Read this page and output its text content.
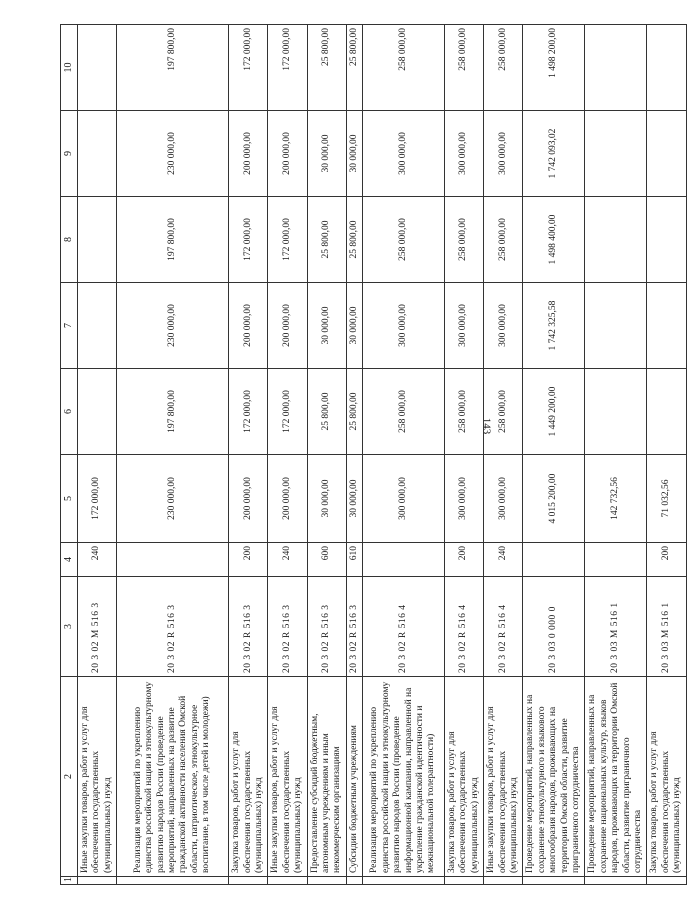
143
1	2	3	4	5	6	7	8	9	10
	Иные закупки товаров, работ и услуг для обеспечения государственных (муниципальных) нужд	20 3 02 M 516 3	240	172 000,00					
	Реализация мероприятий по укреплению единства российской нации и этнокультурному развитию народов России (проведение мероприятий, направленных на развитие гражданской активности населения Омской области, патриотическое, этнокультурное воспитание, в том числе детей и молодежи)	20 3 02 R 516 3		230 000,00	197 800,00	230 000,00	197 800,00	230 000,00	197 800,00
	Закупка товаров, работ и услуг для обеспечения государственных (муниципальных) нужд	20 3 02 R 516 3	200	200 000,00	172 000,00	200 000,00	172 000,00	200 000,00	172 000,00
	Иные закупки товаров, работ и услуг для обеспечения государственных (муниципальных) нужд	20 3 02 R 516 3	240	200 000,00	172 000,00	200 000,00	172 000,00	200 000,00	172 000,00
	Предоставление субсидий бюджетным, автономным учреждениям и иным некоммерческим организациям	20 3 02 R 516 3	600	30 000,00	25 800,00	30 000,00	25 800,00	30 000,00	25 800,00
	Субсидии бюджетным учреждениям	20 3 02 R 516 3	610	30 000,00	25 800,00	30 000,00	25 800,00	30 000,00	25 800,00
	Реализация мероприятий по укреплению единства российской нации и этнокультурному развитию народов России (проведение информационной кампании, направленной на укрепление гражданской идентичности и межнациональной толерантности)	20 3 02 R 516 4		300 000,00	258 000,00	300 000,00	258 000,00	300 000,00	258 000,00
	Закупка товаров, работ и услуг для обеспечения государственных (муниципальных) нужд	20 3 02 R 516 4	200	300 000,00	258 000,00	300 000,00	258 000,00	300 000,00	258 000,00
	Иные закупки товаров, работ и услуг для обеспечения государственных (муниципальных) нужд	20 3 02 R 516 4	240	300 000,00	258 000,00	300 000,00	258 000,00	300 000,00	258 000,00
	Проведение мероприятий, направленных на сохранение этнокультурного и языкового многообразия народов, проживающих на территории Омской области, развитие приграничного сотрудничества	20 3 03 0 000 0		4 015 200,00	1 449 200,00	1 742 325,58	1 498 400,00	1 742 093,02	1 498 200,00
	Проведение мероприятий, направленных на сохранение национальных культур, языков народов, проживающих на территории Омской области, развитие приграничного сотрудничества	20 3 03 M 516 1		142 732,56					
	Закупка товаров, работ и услуг для обеспечения государственных (муниципальных) нужд	20 3 03 M 516 1	200	71 032,56					
